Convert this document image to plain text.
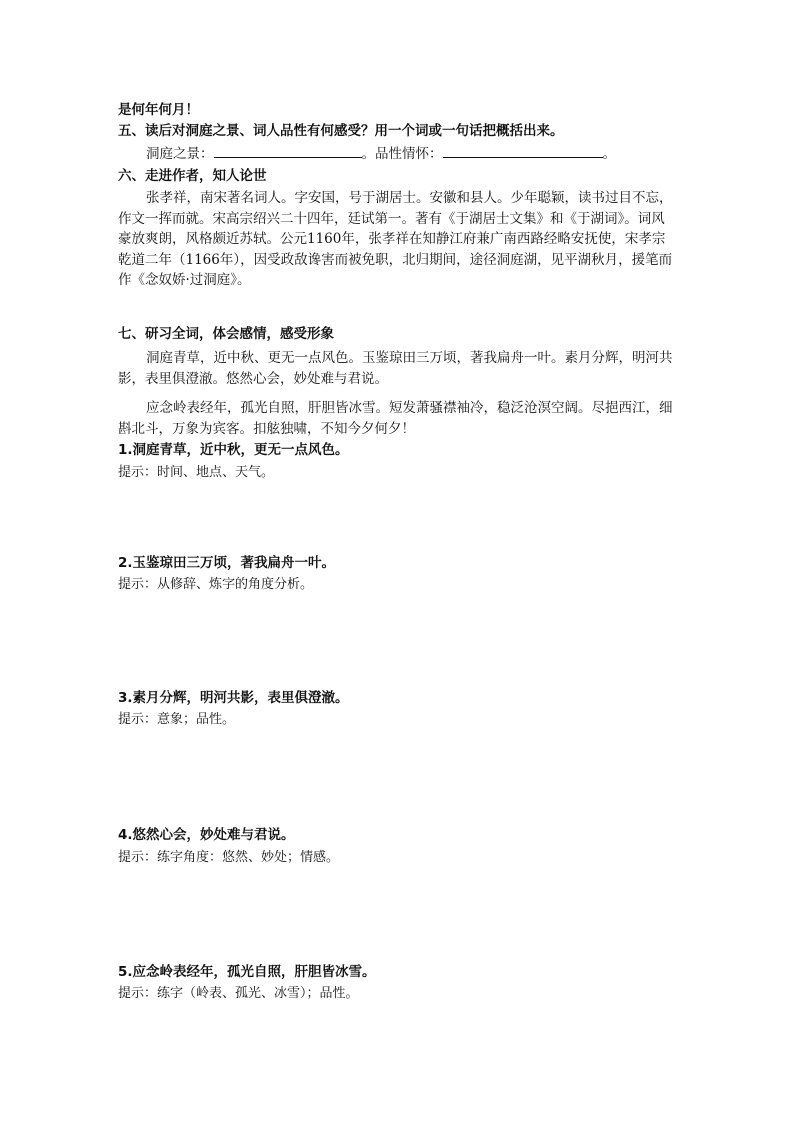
是何年何月！
五、读后对洞庭之景、词人品性有何感受？用一个词或一句话把概括出来。
洞庭之景：	。品性情怀：	。
六、走进作者，知人论世
张孝祥，南宋著名词人。字安国，号于湖居士。安徽和县人。少年聪颖，读书过目不忘，作文一挥而就。宋高宗绍兴二十四年，廷试第一。著有《于湖居士文集》和《于湖词》。词风豪放爽朗，风格颇近苏轼。公元1160年，张孝祥在知静江府兼广南西路经略安抚使，宋孝宗乾道二年（1166年），因受政敌谗害而被免职，北归期间，途径洞庭湖，见平湖秋月，援笔而作《念奴娇·过洞庭》。
七、研习全词，体会感情，感受形象
洞庭青草，近中秋、更无一点风色。玉鉴琼田三万顷，著我扁舟一叶。素月分辉，明河共影，表里俱澄澈。悠然心会，妙处难与君说。
应念岭表经年，孤光自照，肝胆皆冰雪。短发萧骚襟袖冷，稳泛沧溟空阔。尽挹西江，细斟北斗，万象为宾客。扣舷独啸，不知今夕何夕！
1.洞庭青草，近中秋，更无一点风色。
提示：时间、地点、天气。
2.玉鉴琼田三万顷，著我扁舟一叶。
提示：从修辞、炼字的角度分析。
3.素月分辉，明河共影，表里俱澄澈。
提示：意象；品性。
4.悠然心会，妙处难与君说。
提示：练字角度：悠然、妙处；情感。
5.应念岭表经年，孤光自照，肝胆皆冰雪。
提示：练字（岭表、孤光、冰雪）；品性。
